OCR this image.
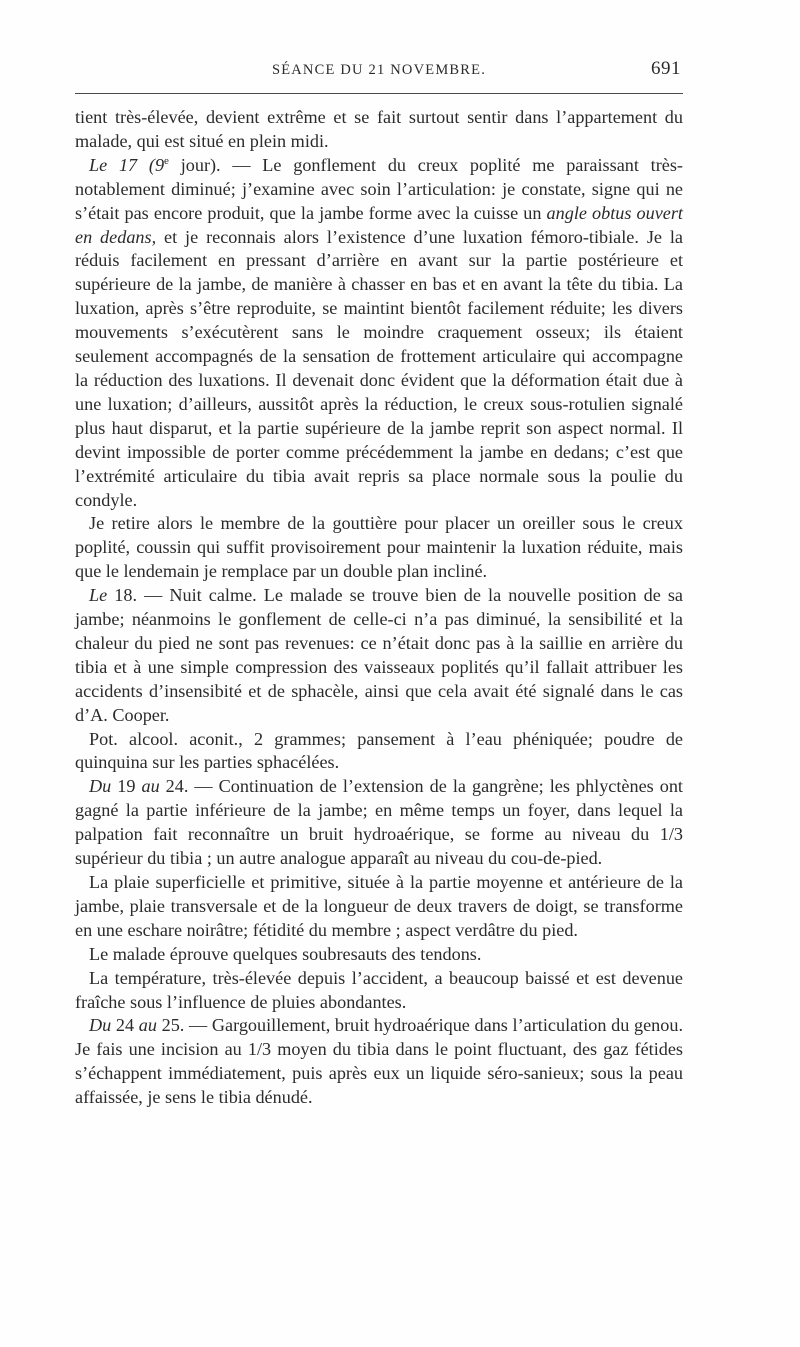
SÉANCE DU 21 NOVEMBRE.	691

tient très-élevée, devient extrême et se fait surtout sentir dans l’appartement du malade, qui est situé en plein midi.

Le 17 (9e jour). — Le gonflement du creux poplité me paraissant très-notablement diminué; j’examine avec soin l’articulation: je constate, signe qui ne s’était pas encore produit, que la jambe forme avec la cuisse un angle obtus ouvert en dedans, et je reconnais alors l’existence d’une luxation fémoro-tibiale. Je la réduis facilement en pressant d’arrière en avant sur la partie postérieure et supérieure de la jambe, de manière à chasser en bas et en avant la tête du tibia. La luxation, après s’être reproduite, se maintint bientôt facilement réduite; les divers mouvements s’exécutèrent sans le moindre craquement osseux; ils étaient seulement accompagnés de la sensation de frottement articulaire qui accompagne la réduction des luxations. Il devenait donc évident que la déformation était due à une luxation; d’ailleurs, aussitôt après la réduction, le creux sous-rotulien signalé plus haut disparut, et la partie supérieure de la jambe reprit son aspect normal. Il devint impossible de porter comme précédemment la jambe en dedans; c’est que l’extrémité articulaire du tibia avait repris sa place normale sous la poulie du condyle.

Je retire alors le membre de la gouttière pour placer un oreiller sous le creux poplité, coussin qui suffit provisoirement pour maintenir la luxation réduite, mais que le lendemain je remplace par un double plan incliné.

Le 18. — Nuit calme. Le malade se trouve bien de la nouvelle position de sa jambe; néanmoins le gonflement de celle-ci n’a pas diminué, la sensibilité et la chaleur du pied ne sont pas revenues: ce n’était donc pas à la saillie en arrière du tibia et à une simple compression des vaisseaux poplités qu’il fallait attribuer les accidents d’insensibité et de sphacèle, ainsi que cela avait été signalé dans le cas d’A. Cooper.

Pot. alcool. aconit., 2 grammes; pansement à l’eau phéniquée; poudre de quinquina sur les parties sphacélées.

Du 19 au 24. — Continuation de l’extension de la gangrène; les phlyctènes ont gagné la partie inférieure de la jambe; en même temps un foyer, dans lequel la palpation fait reconnaître un bruit hydroaérique, se forme au niveau du 1/3 supérieur du tibia ; un autre analogue apparaît au niveau du cou-de-pied.

La plaie superficielle et primitive, située à la partie moyenne et antérieure de la jambe, plaie transversale et de la longueur de deux travers de doigt, se transforme en une eschare noirâtre; fétidité du membre ; aspect verdâtre du pied.

Le malade éprouve quelques soubresauts des tendons.

La température, très-élevée depuis l’accident, a beaucoup baissé et est devenue fraîche sous l’influence de pluies abondantes.

Du 24 au 25. — Gargouillement, bruit hydroaérique dans l’articulation du genou. Je fais une incision au 1/3 moyen du tibia dans le point fluctuant, des gaz fétides s’échappent immédiatement, puis après eux un liquide séro-sanieux; sous la peau affaissée, je sens le tibia dénudé.
